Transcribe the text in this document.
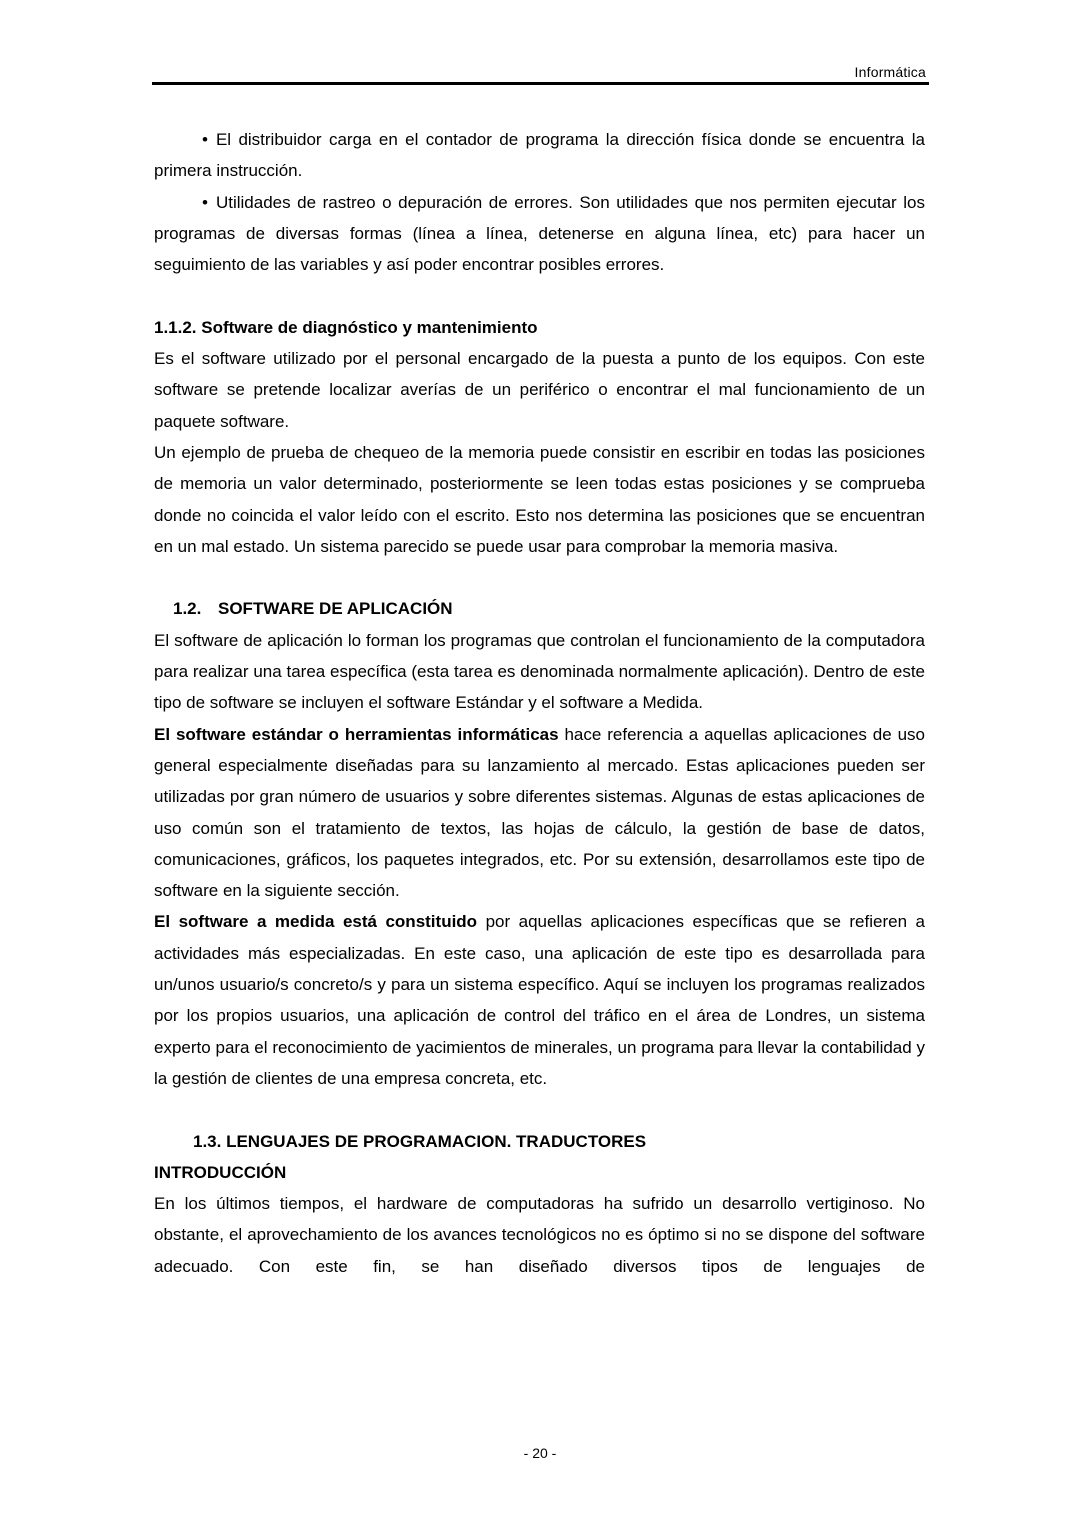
Informática

• El distribuidor carga en el contador de programa la dirección física donde se encuentra la primera instrucción.

• Utilidades de rastreo o depuración de errores. Son utilidades que nos permiten ejecutar los programas de diversas formas (línea a línea, detenerse en alguna línea, etc) para hacer un seguimiento de las variables y así poder encontrar posibles errores.

1.1.2. Software de diagnóstico y mantenimiento

Es el software utilizado por el personal encargado de la puesta a punto de los equipos. Con este software se pretende localizar averías de un periférico o encontrar el mal funcionamiento de un paquete software.

Un ejemplo de prueba de chequeo de la memoria puede consistir en escribir en todas las posiciones de memoria un valor determinado, posteriormente se leen todas estas posiciones y se comprueba donde no coincida el valor leído con el escrito. Esto nos determina las posiciones que se encuentran en un mal estado. Un sistema parecido se puede usar para comprobar la memoria masiva.

1.2. SOFTWARE DE APLICACIÓN

El software de aplicación lo forman los programas que controlan el funcionamiento de la computadora para realizar una tarea específica (esta tarea es denominada normalmente aplicación). Dentro de este tipo de software se incluyen el software Estándar y el software a Medida.

El software estándar o herramientas informáticas hace referencia a aquellas aplicaciones de uso general especialmente diseñadas para su lanzamiento al mercado. Estas aplicaciones pueden ser utilizadas por gran número de usuarios y sobre diferentes sistemas. Algunas de estas aplicaciones de uso común son el tratamiento de textos, las hojas de cálculo, la gestión de base de datos, comunicaciones, gráficos, los paquetes integrados, etc. Por su extensión, desarrollamos este tipo de software en la siguiente sección.

El software a medida está constituido por aquellas aplicaciones específicas que se refieren a actividades más especializadas. En este caso, una aplicación de este tipo es desarrollada para un/unos usuario/s concreto/s y para un sistema específico. Aquí se incluyen los programas realizados por los propios usuarios, una aplicación de control del tráfico en el área de Londres, un sistema experto para el reconocimiento de yacimientos de minerales, un programa para llevar la contabilidad y la gestión de clientes de una empresa concreta, etc.

1.3. LENGUAJES DE PROGRAMACION. TRADUCTORES

INTRODUCCIÓN

En los últimos tiempos, el hardware de computadoras ha sufrido un desarrollo vertiginoso. No obstante, el aprovechamiento de los avances tecnológicos no es óptimo si no se dispone del software adecuado. Con este fin, se han diseñado diversos tipos de lenguajes de

- 20 -
